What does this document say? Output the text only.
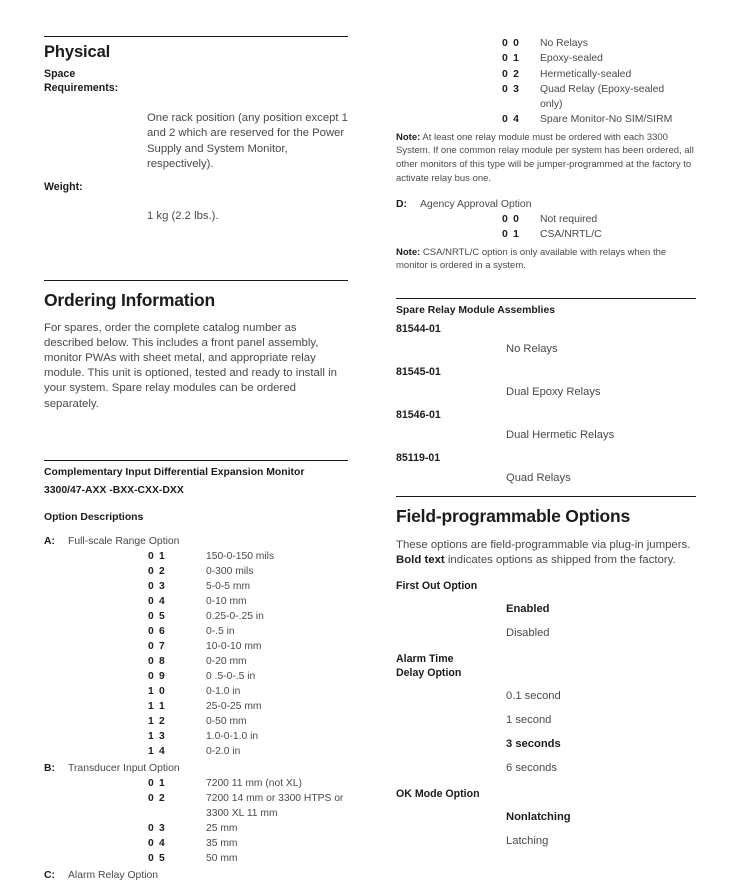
Physical
Space
Requirements:
One rack position (any position except 1 and 2 which are reserved for the Power Supply and System Monitor, respectively).
Weight:
1 kg (2.2 lbs.).
Ordering Information

For spares, order the complete catalog number as described below. This includes a front panel assembly, monitor PWAs with sheet metal, and appropriate relay module. This unit is optioned, tested and ready to install in your system. Spare relay modules can be ordered separately.

Complementary Input Differential Expansion Monitor
3300/47-AXX -BXX-CXX-DXX
Option Descriptions
A: Full-scale Range Option
0 1	150-0-150 mils
0 2	0-300 mils
0 3	5-0-5 mm
0 4	0-10 mm
0 5	0.25-0-.25 in
0 6	0-.5 in
0 7	10-0-10 mm
0 8	0-20 mm
0 9	0 .5-0-.5 in
1 0	0-1.0 in
1 1	25-0-25 mm
1 2	0-50 mm
1 3	1.0-0-1.0 in
1 4	0-2.0 in
B: Transducer Input Option
0 1	7200 11 mm (not XL)
0 2	7200 14 mm or 3300 HTPS or
3300 XL 11 mm
0 3	25 mm
0 4	35 mm
0 5	50 mm
C: Alarm Relay Option
0 0	No Relays
0 1	Epoxy-sealed
0 2	Hermetically-sealed
0 3	Quad Relay (Epoxy-sealed
only)
0 4	Spare Monitor-No SIM/SIRM
Note: At least one relay module must be ordered with each 3300 System. If one common relay module per system has been ordered, all other monitors of this type will be jumper-programmed at the factory to activate relay bus one.
D: Agency Approval Option
0 0	Not required
0 1	CSA/NRTL/C
Note: CSA/NRTL/C option is only available with relays when the monitor is ordered in a system.
Spare Relay Module Assemblies
81544-01
No Relays
81545-01
Dual Epoxy Relays
81546-01
Dual Hermetic Relays
85119-01
Quad Relays
Field-programmable Options

These options are field-programmable via plug-in jumpers. Bold text indicates options as shipped from the factory.

First Out Option
Enabled
Disabled
Alarm Time
Delay Option
0.1 second
1 second
3 seconds
6 seconds
OK Mode Option
Nonlatching
Latching
